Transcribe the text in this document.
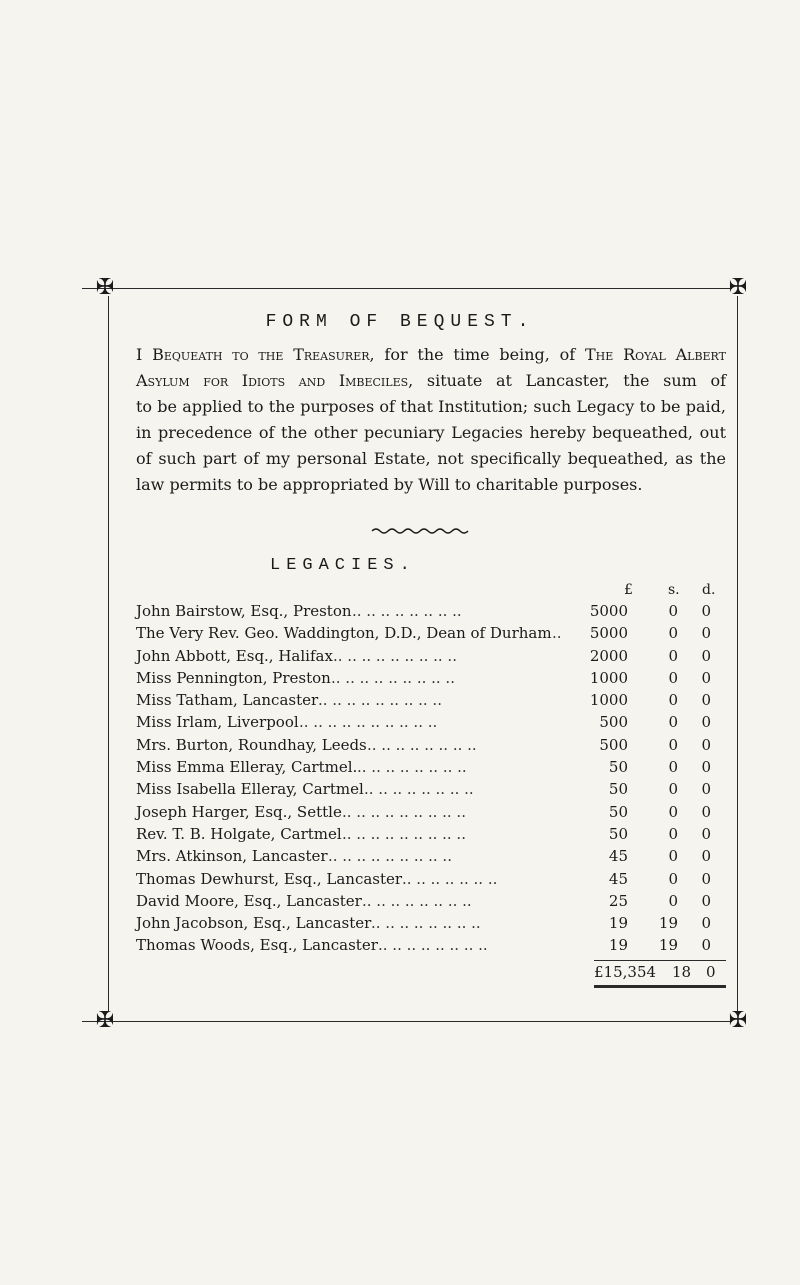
✠	✠
✠	✠
FORM OF BEQUEST.
I Bequeath to the Treasurer, for the time being, of The Royal Albert Asylum for Idiots and Imbeciles, situate at Lancaster, the sum of              to be applied to the purposes of that Institution; such Legacy to be paid, in precedence of the other pecuniary Legacies hereby bequeathed, out of such part of my personal Estate, not specifically bequeathed, as the law permits to be appropriated by Will to charitable purposes.
LEGACIES.
£	s. d.
John Bairstow, Esq., Preston .. .. .. .. .. .. .. ..	5000	0	0
The Very Rev. Geo. Waddington, D.D., Dean of Durham .. 5000	0	0
John Abbott, Esq., Halifax .. .. .. .. .. .. .. .. ..	2000	0	0
Miss Pennington, Preston .. .. .. .. .. .. .. .. ..	1000	0	0
Miss Tatham, Lancaster .. .. .. .. .. .. .. .. ..	1000	0	0
Miss Irlam, Liverpool .. .. .. .. .. .. .. .. .. ..	500	0	0
Mrs. Burton, Roundhay, Leeds .. .. .. .. .. .. .. ..	500	0	0
Miss Emma Elleray, Cartmel. .. .. .. .. .. .. .. ..	50	0	0
Miss Isabella Elleray, Cartmel .. .. .. .. .. .. .. ..	50	0	0
Joseph Harger, Esq., Settle .. .. .. .. .. .. .. .. ..	50	0	0
Rev. T. B. Holgate, Cartmel .. .. .. .. .. .. .. .. ..	50	0	0
Mrs. Atkinson, Lancaster .. .. .. .. .. .. .. .. ..	45	0	0
Thomas Dewhurst, Esq., Lancaster .. .. .. .. .. .. ..	45	0	0
David Moore, Esq., Lancaster .. .. .. .. .. .. .. ..	25	0	0
John Jacobson, Esq., Lancaster .. .. .. .. .. .. .. ..	19	19	0
Thomas Woods, Esq., Lancaster .. .. .. .. .. .. .. ..	19	19	0
£15,354 18 0
